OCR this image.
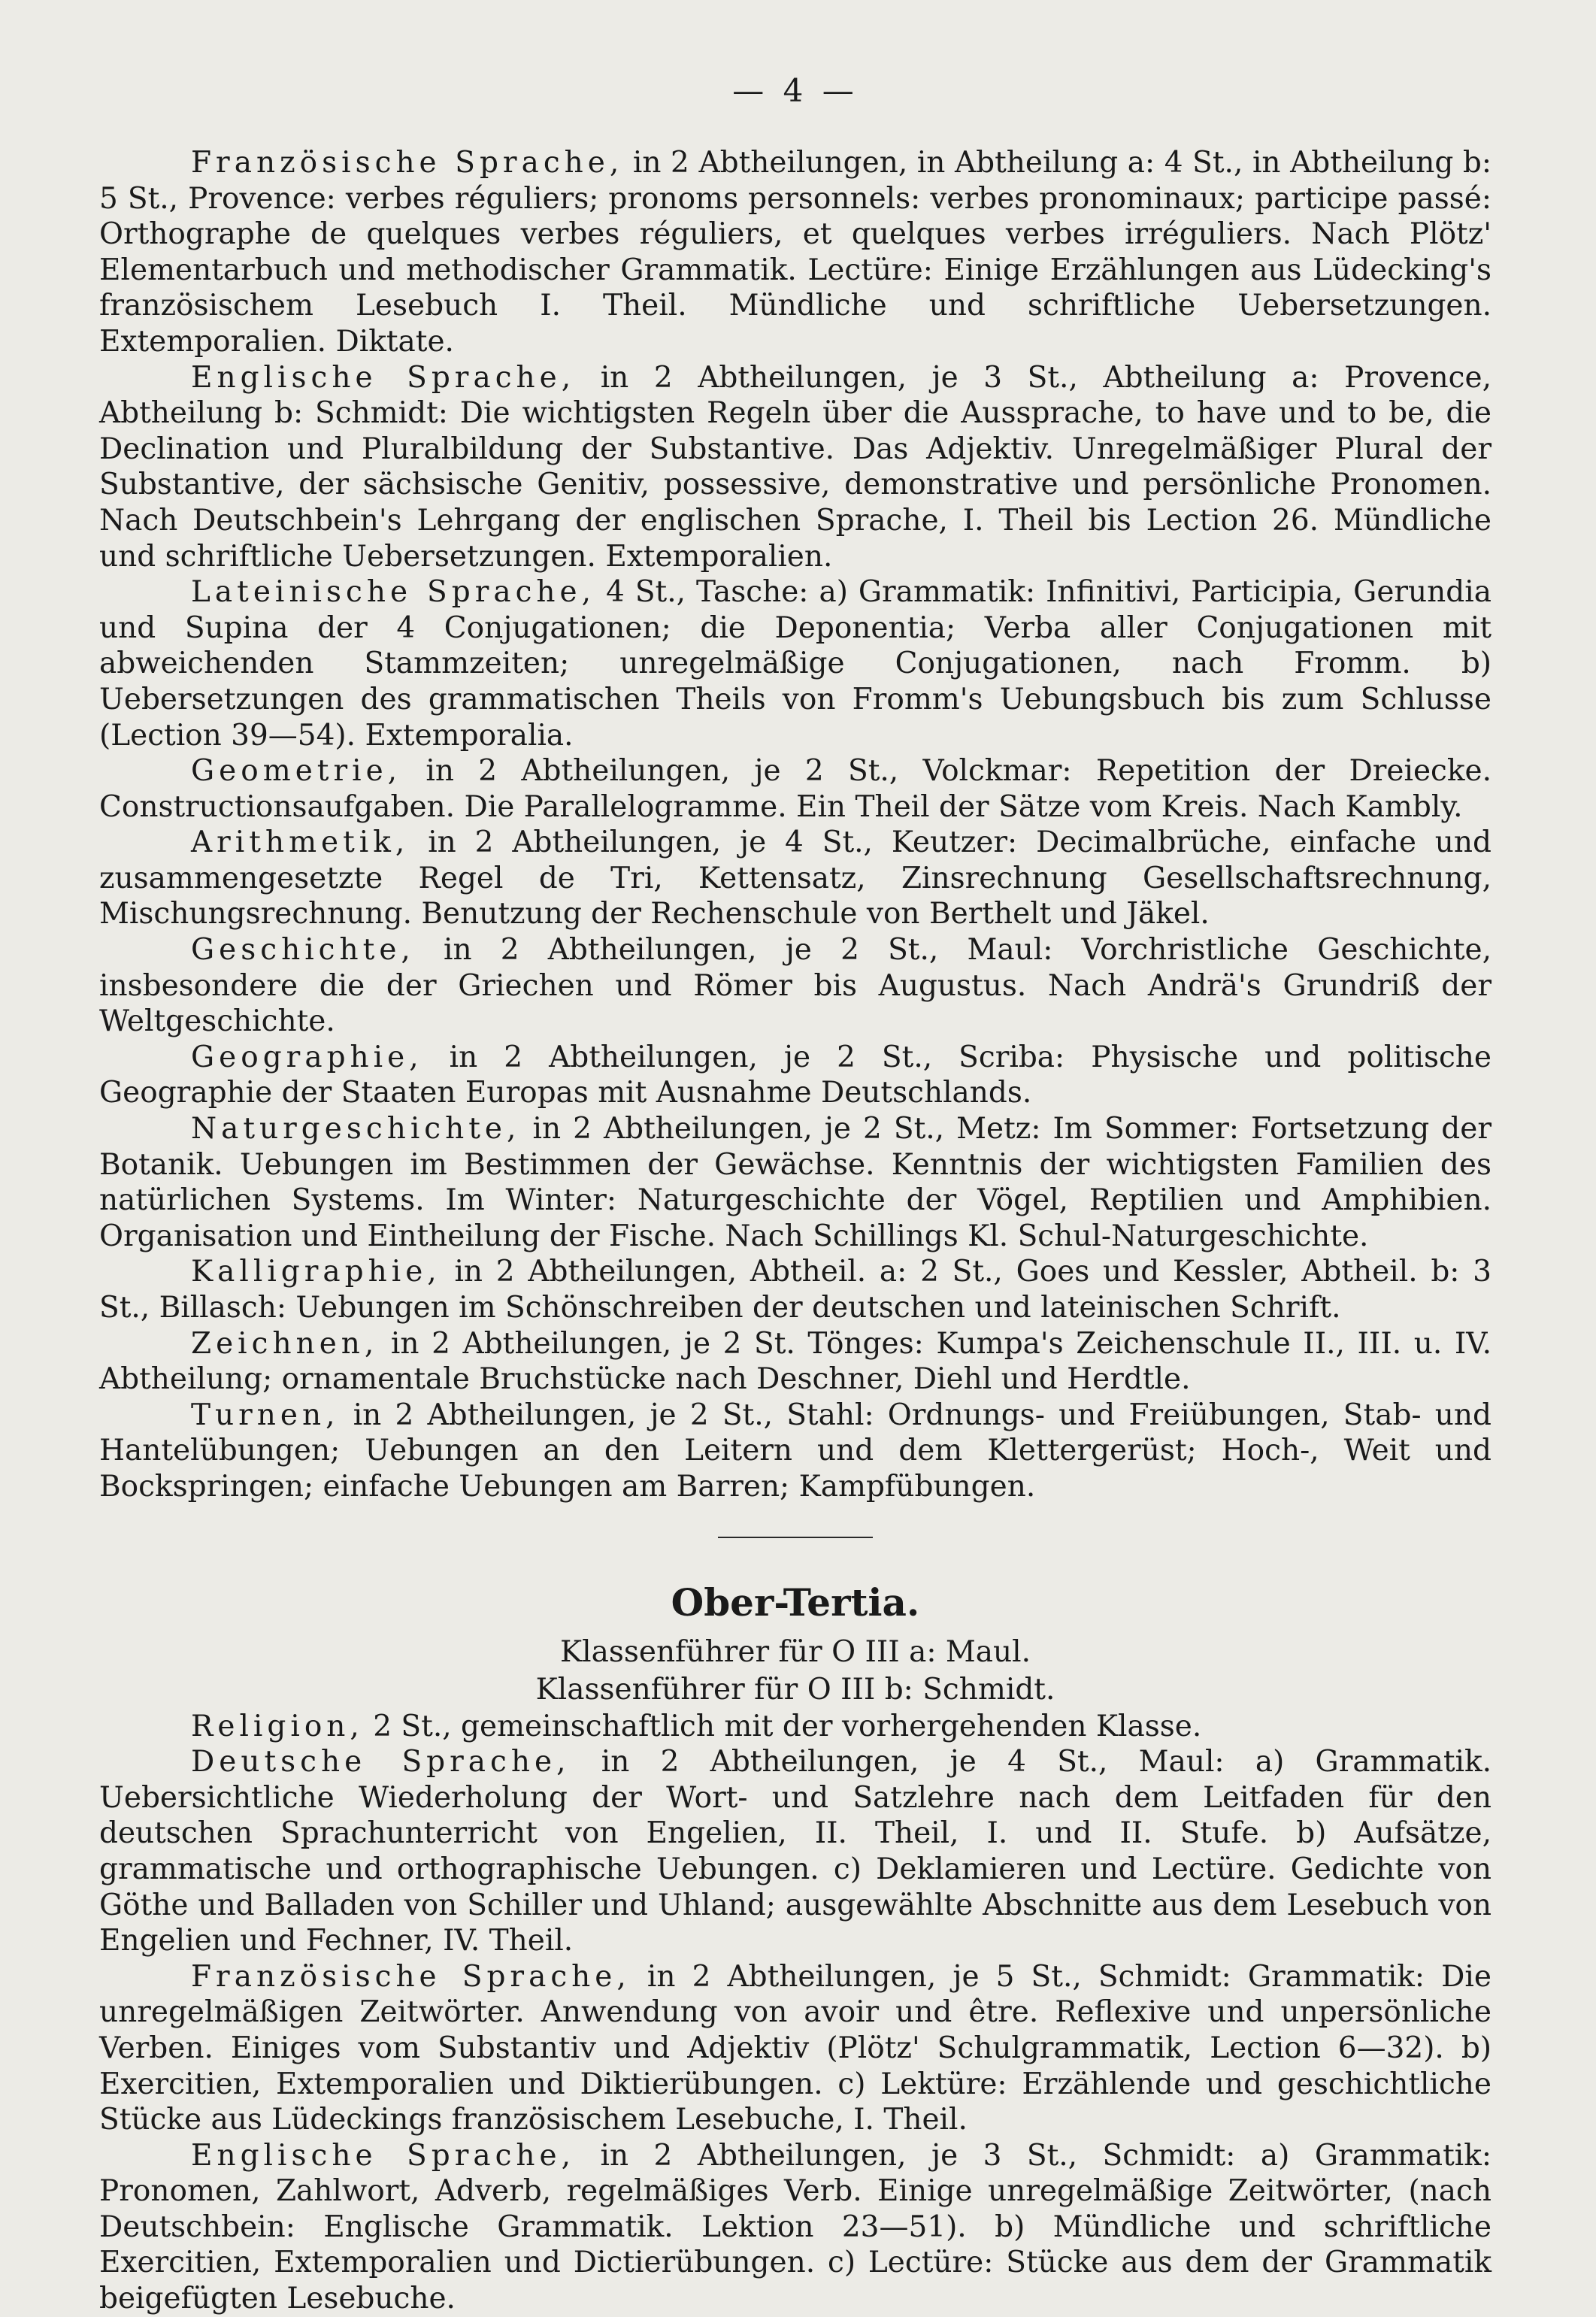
— 4 —

Französische Sprache, in 2 Abtheilungen, in Abtheilung a: 4 St., in Abtheilung b: 5 St., Provence: verbes réguliers; pronoms personnels: verbes pronominaux; participe passé: Orthographe de quelques verbes réguliers, et quelques verbes irréguliers. Nach Plötz' Elementarbuch und methodischer Grammatik. Lectüre: Einige Erzählungen aus Lüdecking's französischem Lesebuch I. Theil. Mündliche und schriftliche Uebersetzungen. Extemporalien. Diktate.

Englische Sprache, in 2 Abtheilungen, je 3 St., Abtheilung a: Provence, Abtheilung b: Schmidt: Die wichtigsten Regeln über die Aussprache, to have und to be, die Declination und Pluralbildung der Substantive. Das Adjektiv. Unregelmäßiger Plural der Substantive, der sächsische Genitiv, possessive, demonstrative und persönliche Pronomen. Nach Deutschbein's Lehrgang der englischen Sprache, I. Theil bis Lection 26. Mündliche und schriftliche Uebersetzungen. Extemporalien.

Lateinische Sprache, 4 St., Tasche: a) Grammatik: Infinitivi, Participia, Gerundia und Supina der 4 Conjugationen; die Deponentia; Verba aller Conjugationen mit abweichenden Stammzeiten; unregelmäßige Conjugationen, nach Fromm. b) Uebersetzungen des grammatischen Theils von Fromm's Uebungsbuch bis zum Schlusse (Lection 39—54). Extemporalia.

Geometrie, in 2 Abtheilungen, je 2 St., Volckmar: Repetition der Dreiecke. Constructionsaufgaben. Die Parallelogramme. Ein Theil der Sätze vom Kreis. Nach Kambly.

Arithmetik, in 2 Abtheilungen, je 4 St., Keutzer: Decimalbrüche, einfache und zusammengesetzte Regel de Tri, Kettensatz, Zinsrechnung Gesellschaftsrechnung, Mischungsrechnung. Benutzung der Rechenschule von Berthelt und Jäkel.

Geschichte, in 2 Abtheilungen, je 2 St., Maul: Vorchristliche Geschichte, insbesondere die der Griechen und Römer bis Augustus. Nach Andrä's Grundriß der Weltgeschichte.

Geographie, in 2 Abtheilungen, je 2 St., Scriba: Physische und politische Geographie der Staaten Europas mit Ausnahme Deutschlands.

Naturgeschichte, in 2 Abtheilungen, je 2 St., Metz: Im Sommer: Fortsetzung der Botanik. Uebungen im Bestimmen der Gewächse. Kenntnis der wichtigsten Familien des natürlichen Systems. Im Winter: Naturgeschichte der Vögel, Reptilien und Amphibien. Organisation und Eintheilung der Fische. Nach Schillings Kl. Schul-Naturgeschichte.

Kalligraphie, in 2 Abtheilungen, Abtheil. a: 2 St., Goes und Kessler, Abtheil. b: 3 St., Billasch: Uebungen im Schönschreiben der deutschen und lateinischen Schrift.

Zeichnen, in 2 Abtheilungen, je 2 St. Tönges: Kumpa's Zeichenschule II., III. u. IV. Abtheilung; ornamentale Bruchstücke nach Deschner, Diehl und Herdtle.

Turnen, in 2 Abtheilungen, je 2 St., Stahl: Ordnungs- und Freiübungen, Stab- und Hantelübungen; Uebungen an den Leitern und dem Klettergerüst; Hoch-, Weit und Bockspringen; einfache Uebungen am Barren; Kampfübungen.

Ober-Tertia.

Klassenführer für O III a: Maul.

Klassenführer für O III b: Schmidt.

Religion, 2 St., gemeinschaftlich mit der vorhergehenden Klasse.

Deutsche Sprache, in 2 Abtheilungen, je 4 St., Maul: a) Grammatik. Uebersichtliche Wiederholung der Wort- und Satzlehre nach dem Leitfaden für den deutschen Sprachunterricht von Engelien, II. Theil, I. und II. Stufe. b) Aufsätze, grammatische und orthographische Uebungen. c) Deklamieren und Lectüre. Gedichte von Göthe und Balladen von Schiller und Uhland; ausgewählte Abschnitte aus dem Lesebuch von Engelien und Fechner, IV. Theil.

Französische Sprache, in 2 Abtheilungen, je 5 St., Schmidt: Grammatik: Die unregelmäßigen Zeitwörter. Anwendung von avoir und être. Reflexive und unpersönliche Verben. Einiges vom Substantiv und Adjektiv (Plötz' Schulgrammatik, Lection 6—32). b) Exercitien, Extemporalien und Diktierübungen. c) Lektüre: Erzählende und geschichtliche Stücke aus Lüdeckings französischem Lesebuche, I. Theil.

Englische Sprache, in 2 Abtheilungen, je 3 St., Schmidt: a) Grammatik: Pronomen, Zahlwort, Adverb, regelmäßiges Verb. Einige unregelmäßige Zeitwörter, (nach Deutschbein: Englische Grammatik. Lektion 23—51). b) Mündliche und schriftliche Exercitien, Extemporalien und Dictierübungen. c) Lectüre: Stücke aus dem der Grammatik beigefügten Lesebuche.
